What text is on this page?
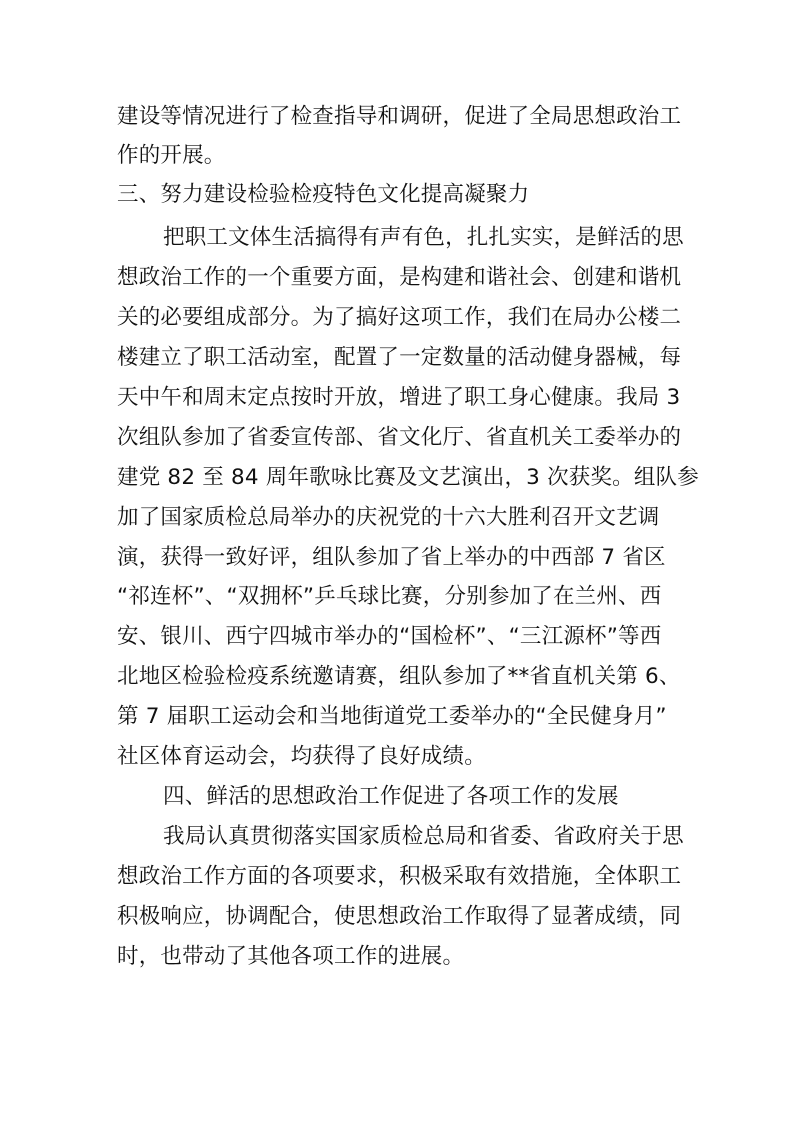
建设等情况进行了检查指导和调研，促进了全局思想政治工
作的开展。
三、努力建设检验检疫特色文化提高凝聚力
把职工文体生活搞得有声有色，扎扎实实，是鲜活的思
想政治工作的一个重要方面，是构建和谐社会、创建和谐机
关的必要组成部分。为了搞好这项工作，我们在局办公楼二
楼建立了职工活动室，配置了一定数量的活动健身器械，每
天中午和周末定点按时开放，增进了职工身心健康。我局 3
次组队参加了省委宣传部、省文化厅、省直机关工委举办的
建党 82 至 84 周年歌咏比赛及文艺演出，3 次获奖。组队参
加了国家质检总局举办的庆祝党的十六大胜利召开文艺调
演，获得一致好评，组队参加了省上举办的中西部 7 省区
“祁连杯”、“双拥杯”乒乓球比赛，分别参加了在兰州、西
安、银川、西宁四城市举办的“国检杯”、“三江源杯”等西
北地区检验检疫系统邀请赛，组队参加了**省直机关第 6、
第 7 届职工运动会和当地街道党工委举办的“全民健身月”
社区体育运动会，均获得了良好成绩。
四、鲜活的思想政治工作促进了各项工作的发展
我局认真贯彻落实国家质检总局和省委、省政府关于思
想政治工作方面的各项要求，积极采取有效措施，全体职工
积极响应，协调配合，使思想政治工作取得了显著成绩，同
时，也带动了其他各项工作的进展。
